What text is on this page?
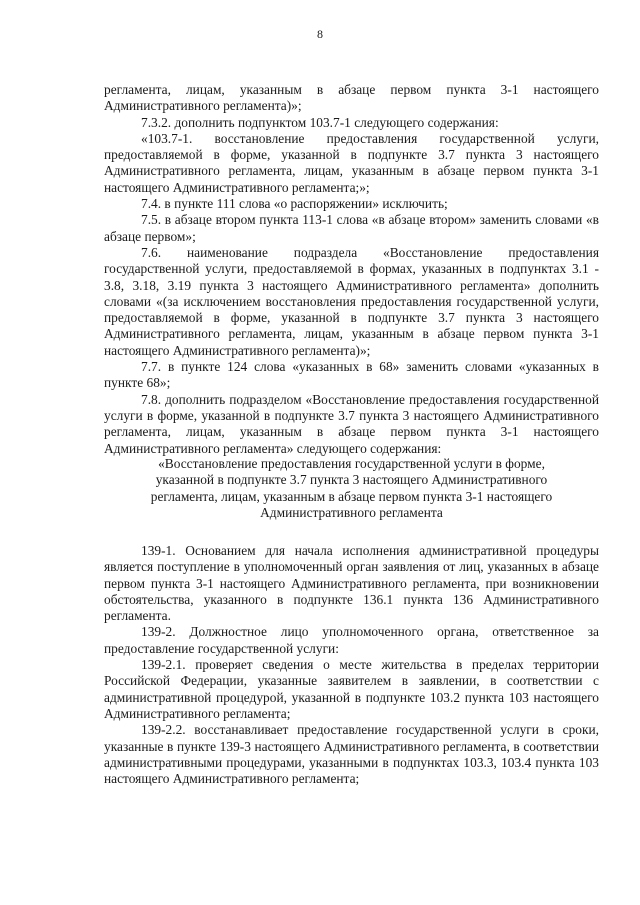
8

регламента, лицам, указанным в абзаце первом пункта 3-1 настоящего Административного регламента)»;

7.3.2. дополнить подпунктом 103.7-1 следующего содержания:

«103.7-1. восстановление предоставления государственной услуги, предоставляемой в форме, указанной в подпункте 3.7 пункта 3 настоящего Административного регламента, лицам, указанным в абзаце первом пункта 3-1 настоящего Административного регламента;»;

7.4. в пункте 111 слова «о распоряжении» исключить;

7.5. в абзаце втором пункта 113-1 слова «в абзаце втором» заменить словами «в абзаце первом»;

7.6. наименование подраздела «Восстановление предоставления государственной услуги, предоставляемой в формах, указанных в подпунктах 3.1 - 3.8, 3.18, 3.19 пункта 3 настоящего Административного регламента» дополнить словами «(за исключением восстановления предоставления государственной услуги, предоставляемой в форме, указанной в подпункте 3.7 пункта 3 настоящего Административного регламента, лицам, указанным в абзаце первом пункта 3-1 настоящего Административного регламента)»;

7.7. в пункте 124 слова «указанных в 68» заменить словами «указанных в пункте 68»;

7.8. дополнить подразделом «Восстановление предоставления государственной услуги в форме, указанной в подпункте 3.7 пункта 3 настоящего Административного регламента, лицам, указанным в абзаце первом пункта 3-1 настоящего Административного регламента» следующего содержания:

«Восстановление предоставления государственной услуги в форме,

указанной в подпункте 3.7 пункта 3 настоящего Административного

регламента, лицам, указанным в абзаце первом пункта 3-1 настоящего

Административного регламента

139-1. Основанием для начала исполнения административной процедуры является поступление в уполномоченный орган заявления от лиц, указанных в абзаце первом пункта 3-1 настоящего Административного регламента, при возникновении обстоятельства, указанного в подпункте 136.1 пункта 136 Административного регламента.

139-2. Должностное лицо уполномоченного органа, ответственное за предоставление государственной услуги:

139-2.1. проверяет сведения о месте жительства в пределах территории Российской Федерации, указанные заявителем в заявлении, в соответствии с административной процедурой, указанной в подпункте 103.2 пункта 103 настоящего Административного регламента;

139-2.2. восстанавливает предоставление государственной услуги в сроки, указанные в пункте 139-3 настоящего Административного регламента, в соответствии административными процедурами, указанными в подпунктах 103.3, 103.4 пункта 103 настоящего Административного регламента;
